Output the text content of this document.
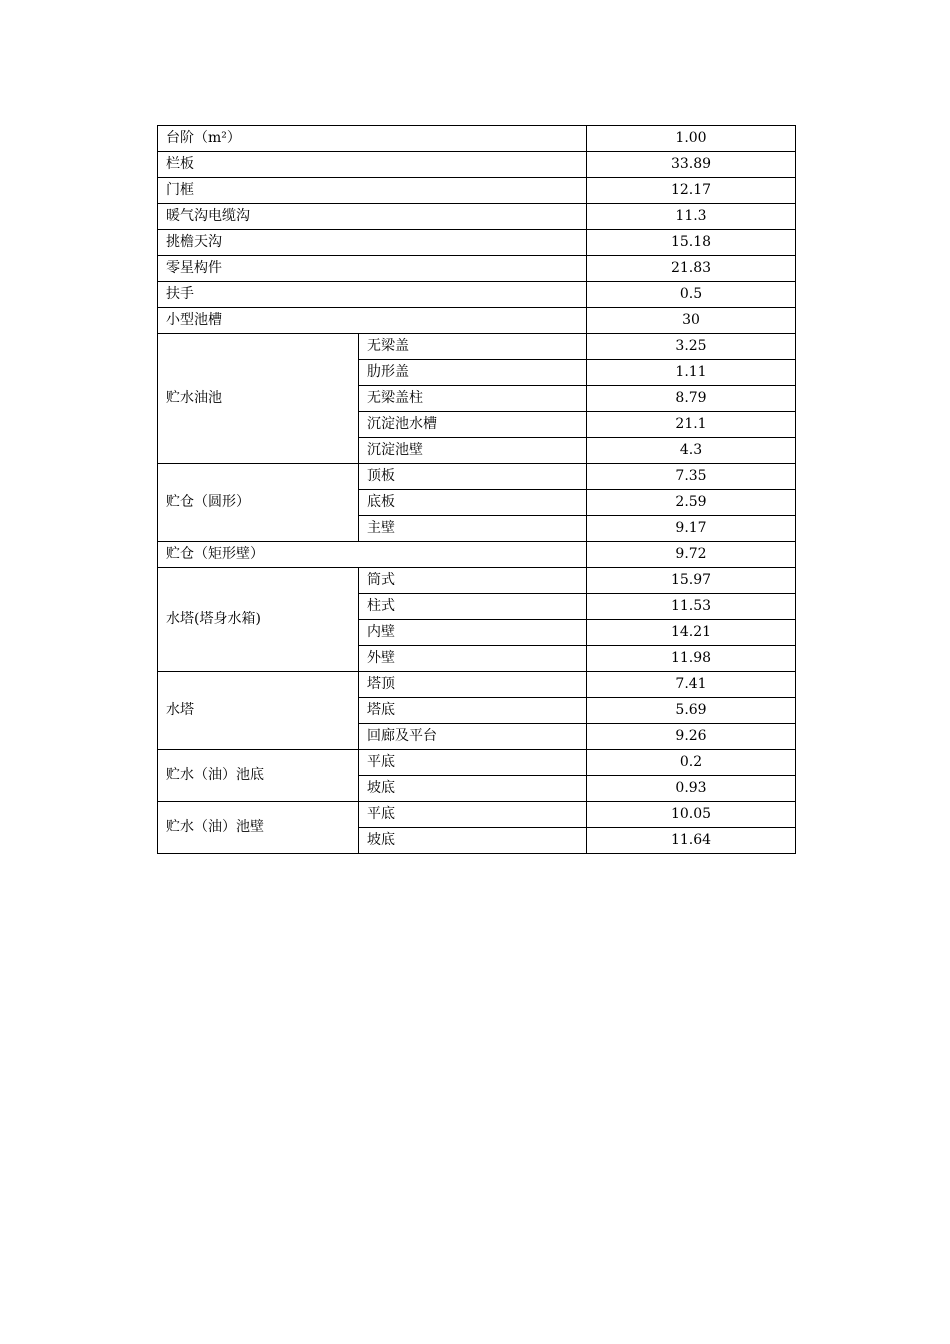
台阶（m²）		1.00
栏板		33.89
门框		12.17
暖气沟电缆沟		11.3
挑檐天沟		15.18
零星构件		21.83
扶手		0.5
小型池槽		30
贮水油池	无梁盖	3.25
	肋形盖	1.11
	无梁盖柱	8.79
	沉淀池水槽	21.1
	沉淀池壁	4.3
贮仓（圆形）	顶板	7.35
	底板	2.59
	主壁	9.17
贮仓（矩形壁）		9.72
水塔(塔身水箱)	筒式	15.97
	柱式	11.53
	内壁	14.21
	外壁	11.98
水塔	塔顶	7.41
	塔底	5.69
	回廊及平台	9.26
贮水（油）池底	平底	0.2
	坡底	0.93
贮水（油）池壁	平底	10.05
	坡底	11.64
